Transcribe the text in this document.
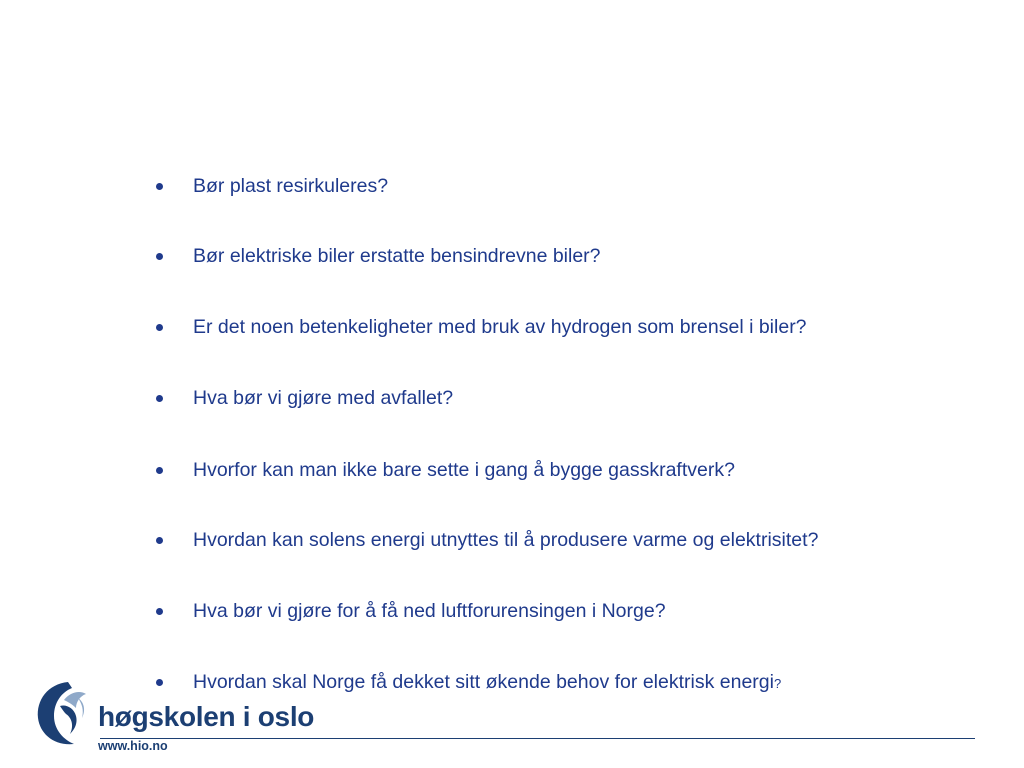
Bør plast resirkuleres?
Bør elektriske biler erstatte bensindrevne biler?
Er det noen betenkeligheter med bruk av hydrogen som brensel i biler?
Hva bør vi gjøre med avfallet?
Hvorfor kan man ikke bare sette i gang å bygge gasskraftverk?
Hvordan kan solens energi utnyttes til å produsere varme og elektrisitet?
Hva bør vi gjøre for å få ned luftforurensingen i Norge?
Hvordan skal Norge få dekket sitt økende behov for elektrisk energi?
høgskolen i oslo
www.hio.no
